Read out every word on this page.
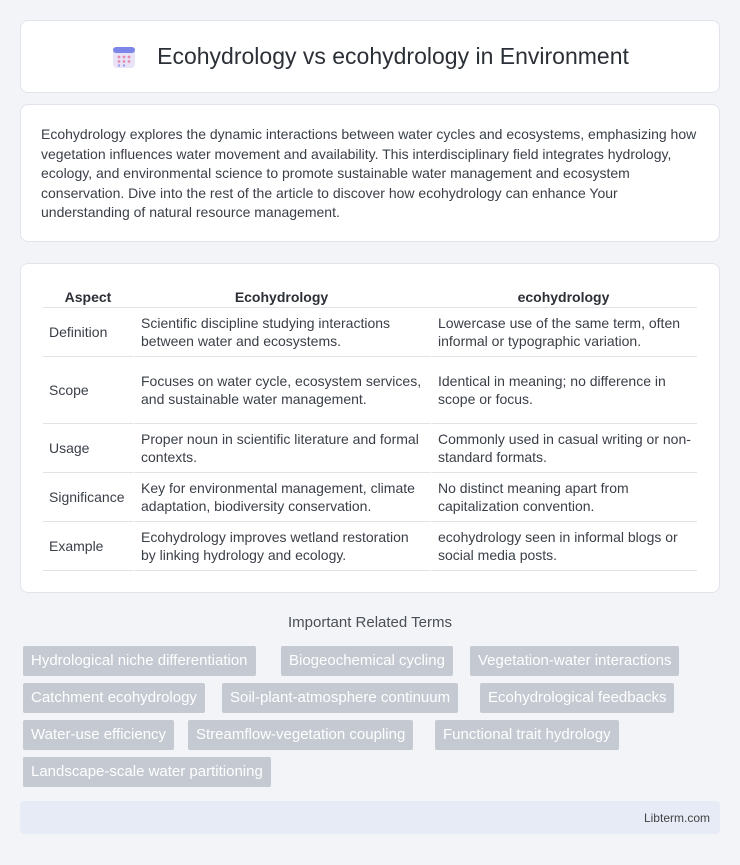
Ecohydrology vs ecohydrology in Environment

Ecohydrology explores the dynamic interactions between water cycles and ecosystems, emphasizing how vegetation influences water movement and availability. This interdisciplinary field integrates hydrology, ecology, and environmental science to promote sustainable water management and ecosystem conservation. Dive into the rest of the article to discover how ecohydrology can enhance Your understanding of natural resource management.

Aspect	Ecohydrology	ecohydrology
Definition	Scientific discipline studying interactions between water and ecosystems.	Lowercase use of the same term, often informal or typographic variation.
Scope	Focuses on water cycle, ecosystem services, and sustainable water management.	Identical in meaning; no difference in scope or focus.
Usage	Proper noun in scientific literature and formal contexts.	Commonly used in casual writing or non-standard formats.
Significance	Key for environmental management, climate adaptation, biodiversity conservation.	No distinct meaning apart from capitalization convention.
Example	Ecohydrology improves wetland restoration by linking hydrology and ecology.	ecohydrology seen in informal blogs or social media posts.
Important Related Terms
Hydrological niche differentiation	Biogeochemical cycling	Vegetation-water interactions
Catchment ecohydrology	Soil-plant-atmosphere continuum	Ecohydrological feedbacks
Water-use efficiency	Streamflow-vegetation coupling	Functional trait hydrology
Landscape-scale water partitioning
Libterm.com
